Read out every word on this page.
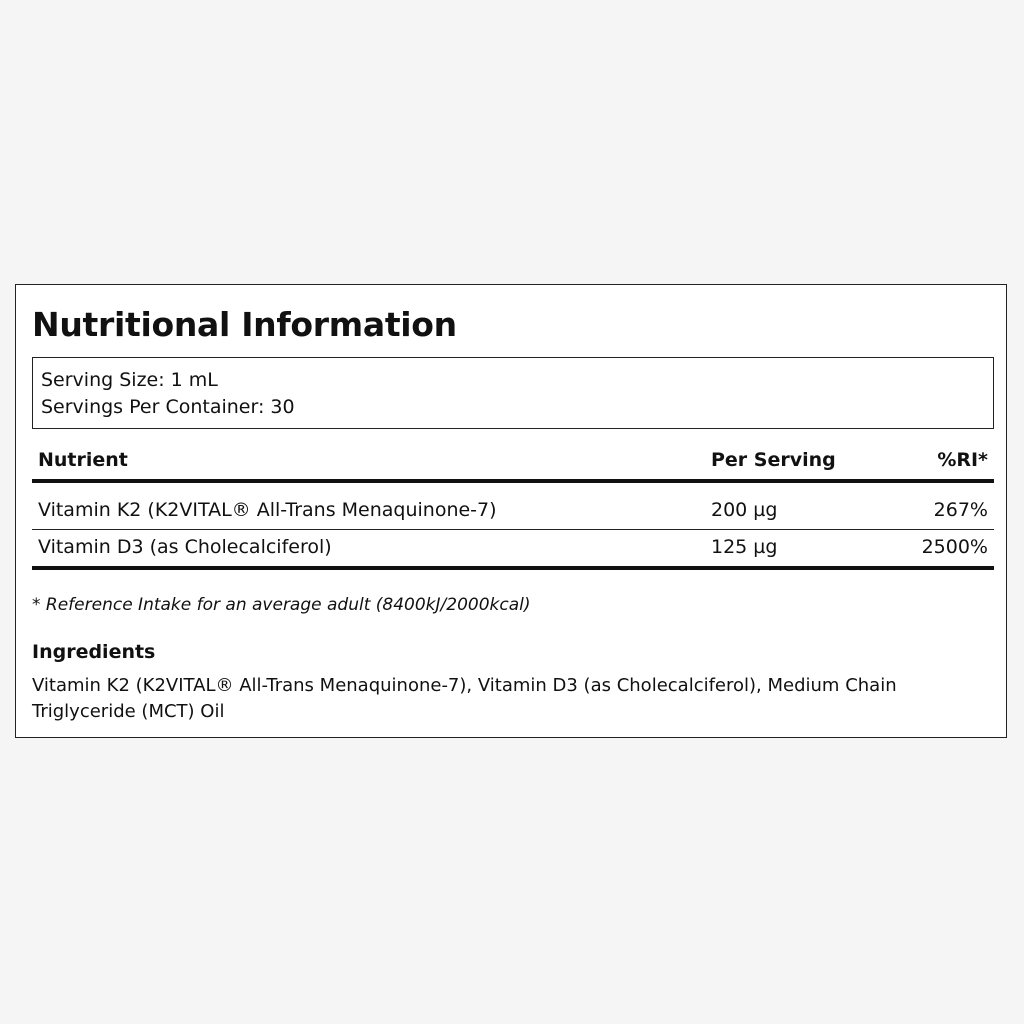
Nutritional Information
Serving Size: 1 mL
Servings Per Container: 30
Nutrient	Per Serving	%RI*
Vitamin K2 (K2VITAL® All-Trans Menaquinone-7)	200 µg	267%
Vitamin D3 (as Cholecalciferol)	125 µg	2500%
* Reference Intake for an average adult (8400kJ/2000kcal)
Ingredients
Vitamin K2 (K2VITAL® All-Trans Menaquinone-7), Vitamin D3 (as Cholecalciferol), Medium Chain Triglyceride (MCT) Oil
